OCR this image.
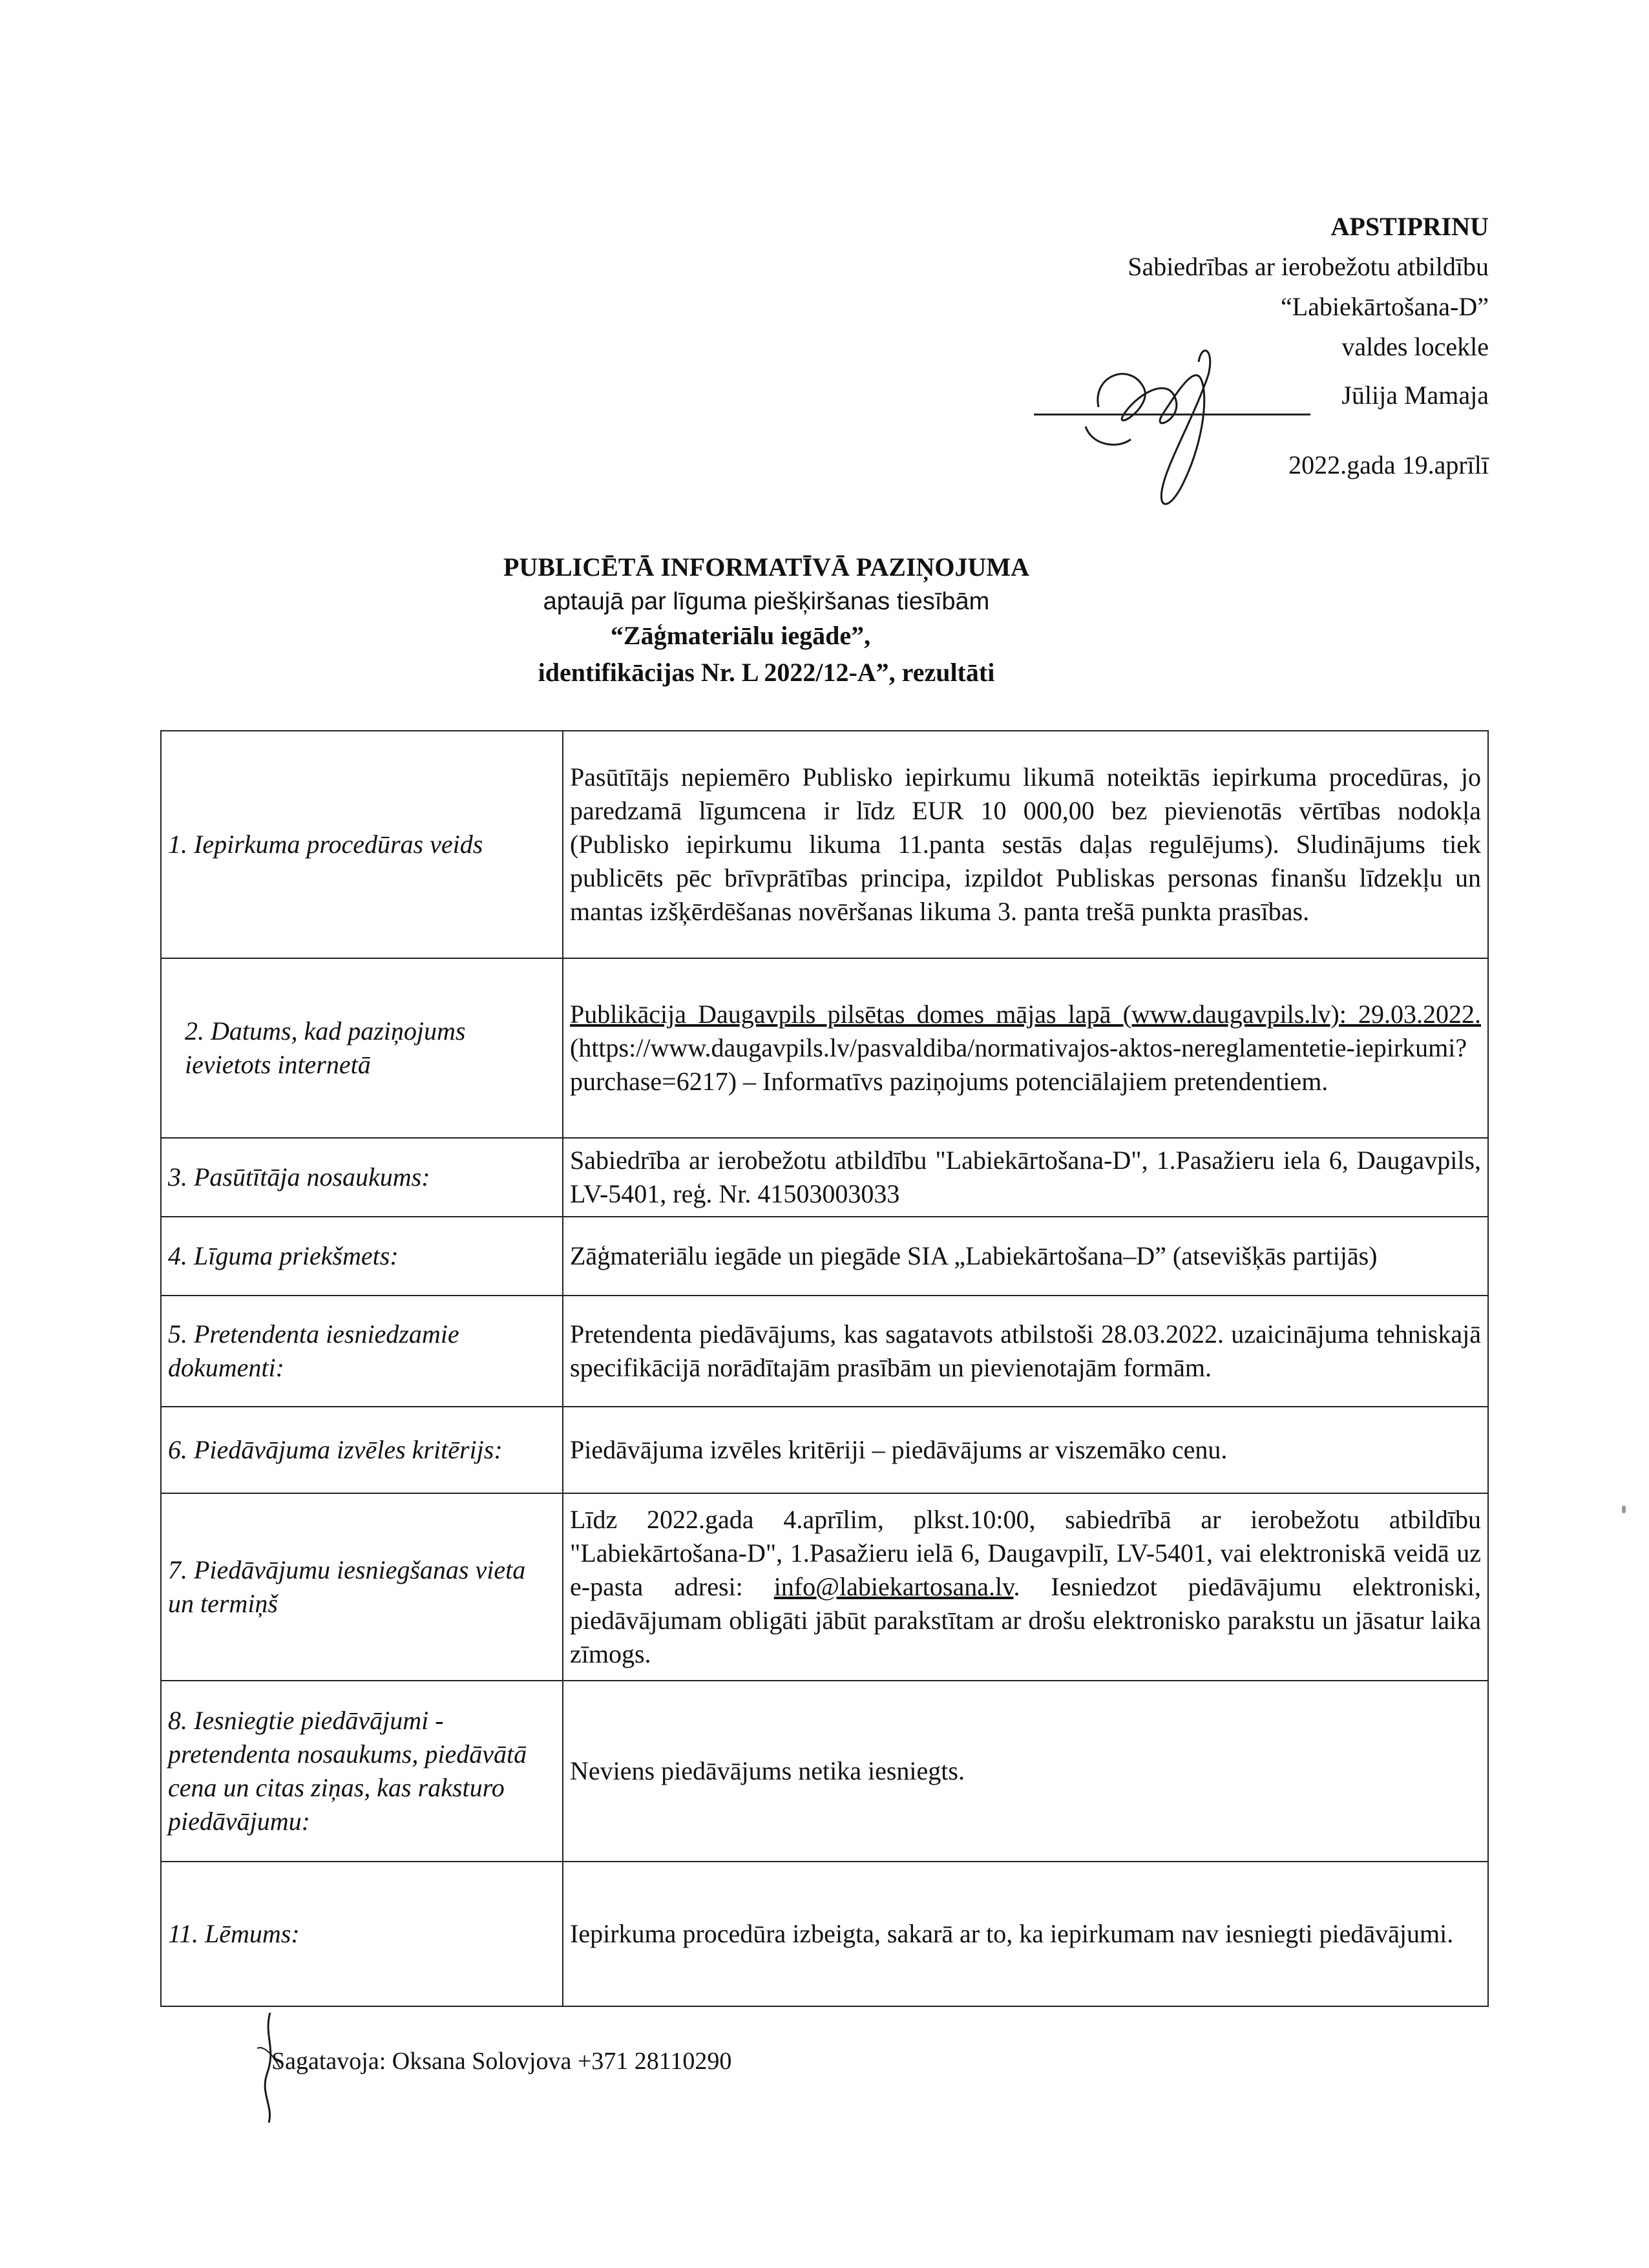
APSTIPRINU
Sabiedrības ar ierobežotu atbildību
“Labiekārtošana-D”
valdes locekle
Jūlija Mamaja
2022.gada 19.aprīlī
PUBLICĒTĀ INFORMATĪVĀ PAZIŅOJUMA
aptaujā par līguma piešķiršanas tiesībām
“Zāģmateriālu iegāde”,
identifikācijas Nr. L 2022/12-A”, rezultāti
1. Iepirkuma procedūras veids	Pasūtītājs nepiemēro Publisko iepirkumu likumā noteiktās iepirkuma procedūras, jo paredzamā līgumcena ir līdz EUR 10 000,00 bez pievienotās vērtības nodokļa (Publisko iepirkumu likuma 11.panta sestās daļas regulējums). Sludinājums tiek publicēts pēc brīvprātības principa, izpildot Publiskas personas finanšu līdzekļu un mantas izšķērdēšanas novēršanas likuma 3. panta trešā punkta prasības.
2. Datums, kad paziņojums ievietots internetā	Publikācija Daugavpils pilsētas domes mājas lapā (www.daugavpils.lv): 29.03.2022. (https://www.daugavpils.lv/pasvaldiba/normativajos-aktos-nereglamentetie-iepirkumi?purchase=6217) – Informatīvs paziņojums potenciālajiem pretendentiem.
3. Pasūtītāja nosaukums:	Sabiedrība ar ierobežotu atbildību "Labiekārtošana-D", 1.Pasažieru iela 6, Daugavpils, LV-5401, reģ. Nr. 41503003033
4. Līguma priekšmets:	Zāģmateriālu iegāde un piegāde SIA „Labiekārtošana–D” (atsevišķās partijās)
5. Pretendenta iesniedzamie dokumenti:	Pretendenta piedāvājums, kas sagatavots atbilstoši 28.03.2022. uzaicinājuma tehniskajā specifikācijā norādītajām prasībām un pievienotajām formām.
6. Piedāvājuma izvēles kritērijs:	Piedāvājuma izvēles kritēriji – piedāvājums ar viszemāko cenu.
7. Piedāvājumu iesniegšanas vieta un termiņš	Līdz 2022.gada 4.aprīlim, plkst.10:00, sabiedrībā ar ierobežotu atbildību "Labiekārtošana-D", 1.Pasažieru ielā 6, Daugavpilī, LV-5401, vai elektroniskā veidā uz e-pasta adresi: info@labiekartosana.lv. Iesniedzot piedāvājumu elektroniski, piedāvājumam obligāti jābūt parakstītam ar drošu elektronisko parakstu un jāsatur laika zīmogs.
8. Iesniegtie piedāvājumi - pretendenta nosaukums, piedāvātā cena un citas ziņas, kas raksturo piedāvājumu:	Neviens piedāvājums netika iesniegts.
11. Lēmums:	Iepirkuma procedūra izbeigta, sakarā ar to, ka iepirkumam nav iesniegti piedāvājumi.
Sagatavoja: Oksana Solovjova +371 28110290
